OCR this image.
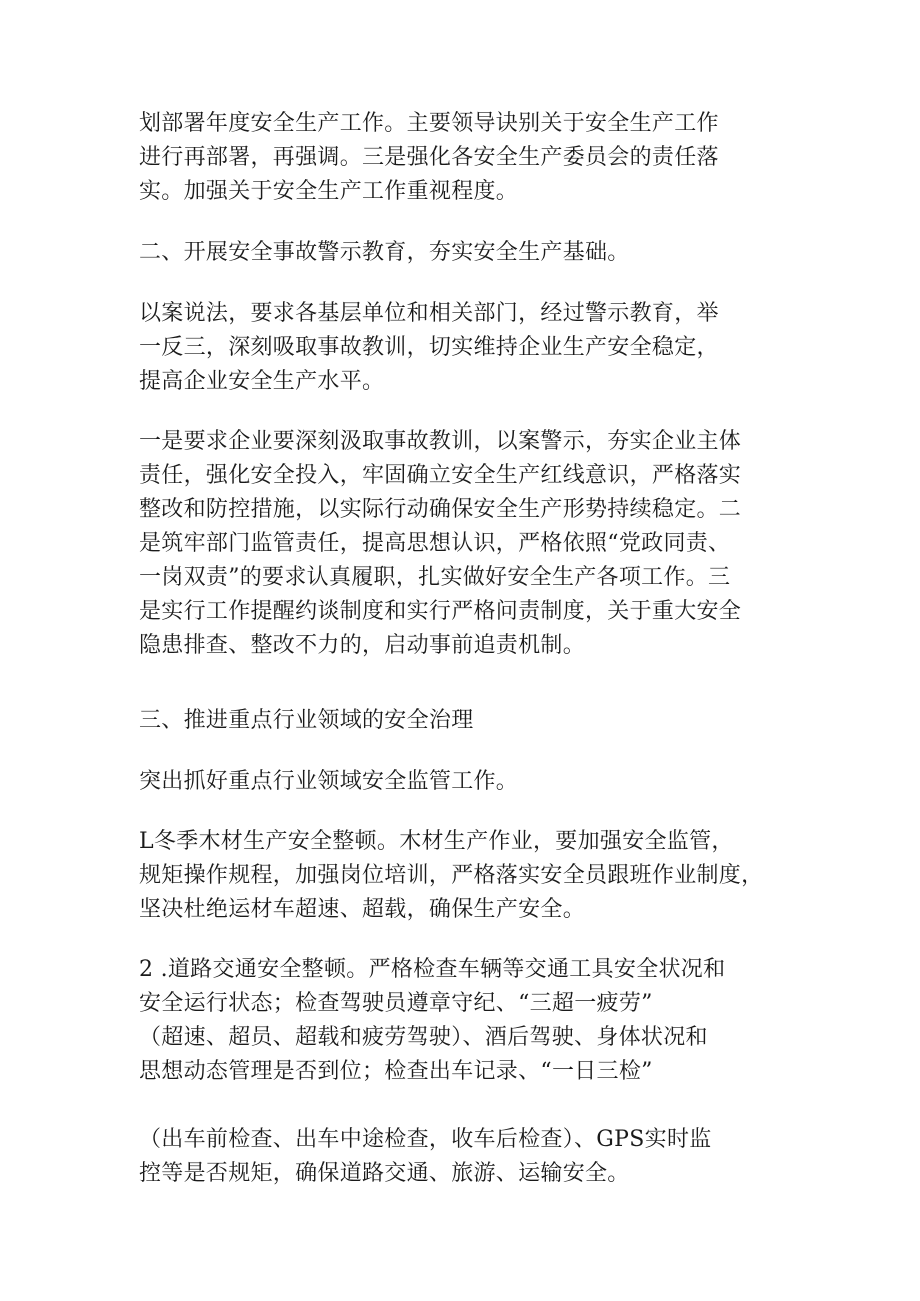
划部署年度安全生产工作。主要领导诀别关于安全生产工作
进行再部署，再强调。三是强化各安全生产委员会的责任落
实。加强关于安全生产工作重视程度。
二、开展安全事故警示教育，夯实安全生产基础。
以案说法，要求各基层单位和相关部门，经过警示教育，举
一反三，深刻吸取事故教训，切实维持企业生产安全稳定，
提高企业安全生产水平。
一是要求企业要深刻汲取事故教训，以案警示，夯实企业主体
责任，强化安全投入，牢固确立安全生产红线意识，严格落实
整改和防控措施，以实际行动确保安全生产形势持续稳定。二
是筑牢部门监管责任，提高思想认识，严格依照“党政同责、
一岗双责”的要求认真履职，扎实做好安全生产各项工作。三
是实行工作提醒约谈制度和实行严格问责制度，关于重大安全
隐患排查、整改不力的，启动事前追责机制。
三、推进重点行业领域的安全治理
突出抓好重点行业领域安全监管工作。
L冬季木材生产安全整顿。木材生产作业，要加强安全监管，
规矩操作规程，加强岗位培训，严格落实安全员跟班作业制度，
坚决杜绝运材车超速、超载，确保生产安全。
2 .道路交通安全整顿。严格检查车辆等交通工具安全状况和
安全运行状态；检查驾驶员遵章守纪、“三超一疲劳”
（超速、超员、超载和疲劳驾驶）、酒后驾驶、身体状况和
思想动态管理是否到位；检查出车记录、“一日三检”
（出车前检查、出车中途检查，收车后检查）、GPS实时监
控等是否规矩，确保道路交通、旅游、运输安全。
